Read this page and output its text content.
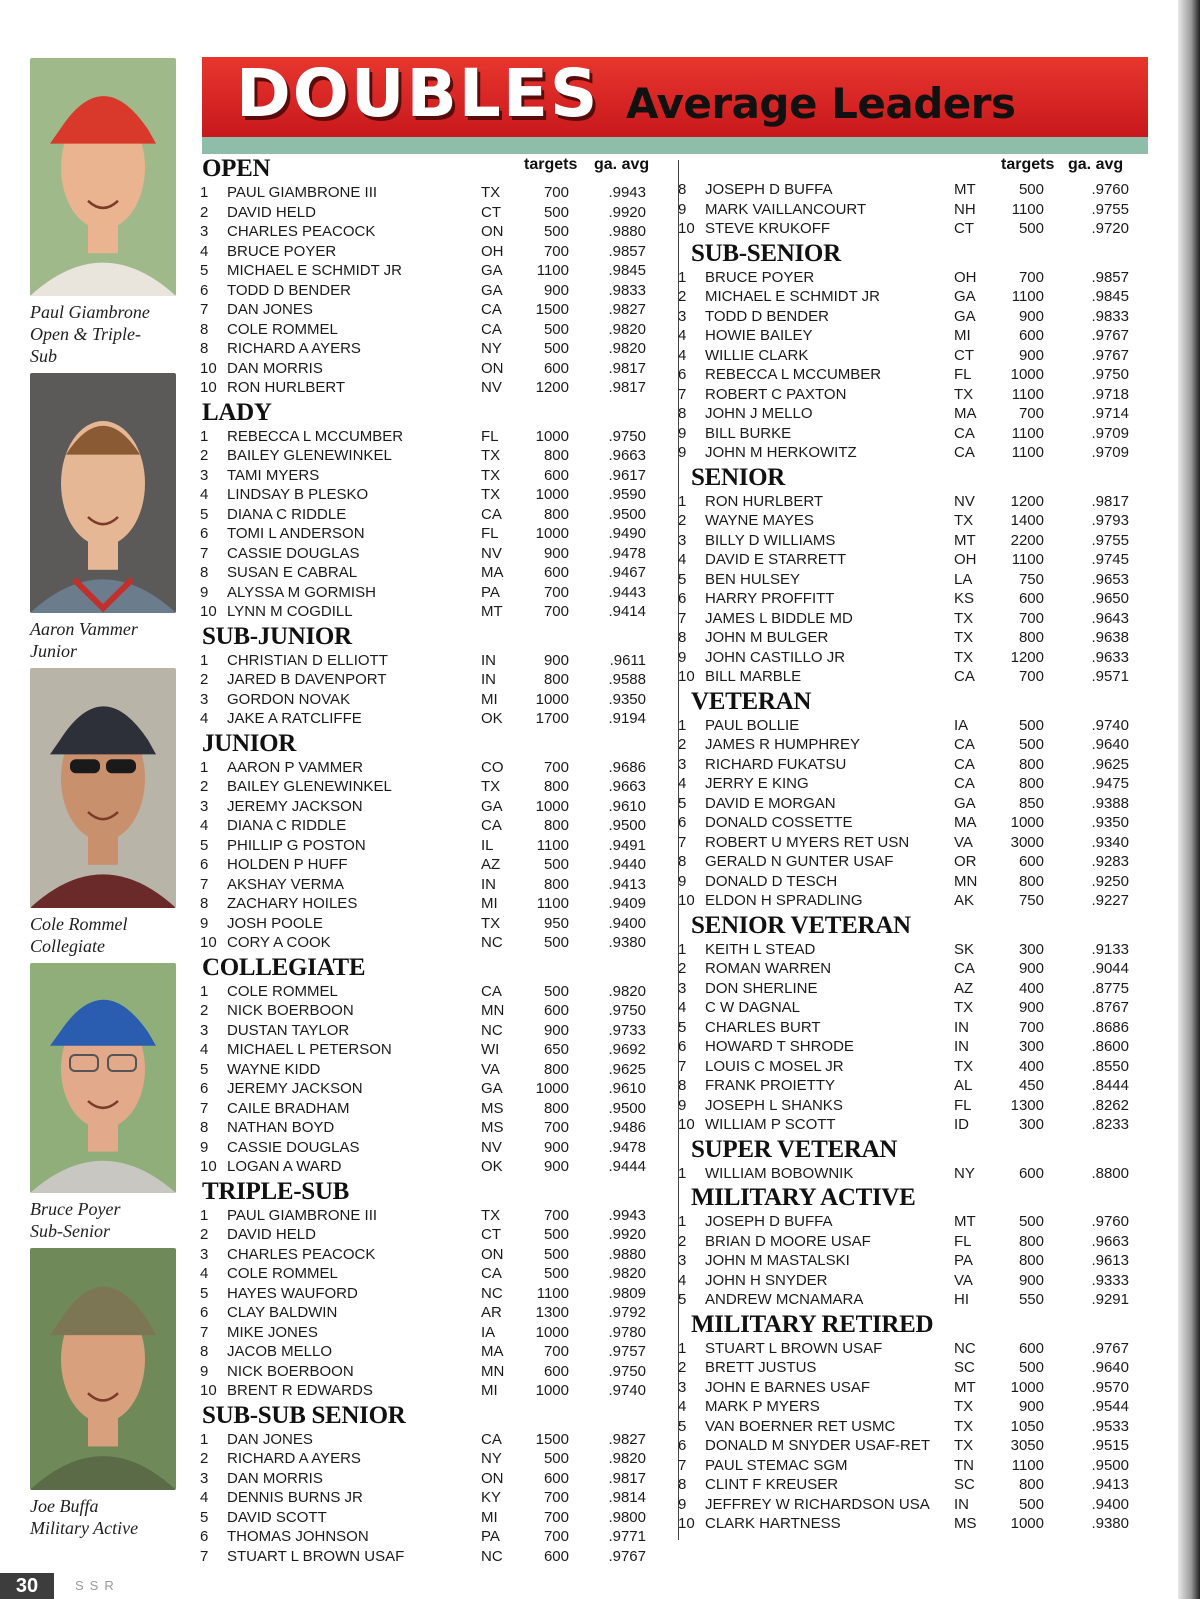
DOUBLES Average Leaders
Paul Giambrone
Open & Triple-
Sub
Aaron Vammer
Junior
Cole Rommel
Collegiate
Bruce Poyer
Sub-Senior
Joe Buffa
Military Active
targets ga. avg
OPEN
1 PAUL GIAMBRONE III	TX	700	.9943
2 DAVID HELD	CT	500	.9920
3 CHARLES PEACOCK	ON	500	.9880
4 BRUCE POYER	OH	700	.9857
5 MICHAEL E SCHMIDT JR	GA 1100	.9845
6 TODD D BENDER	GA	900	.9833
7 DAN JONES	CA 1500	.9827
8 COLE ROMMEL	CA	500	.9820
8 RICHARD A AYERS	NY	500	.9820
10 DAN MORRIS	ON	600	.9817
10 RON HURLBERT	NV 1200	.9817
LADY
1 REBECCA L MCCUMBER	FL 1000	.9750
2 BAILEY GLENEWINKEL	TX	800	.9663
3 TAMI MYERS	TX	600	.9617
4 LINDSAY B PLESKO	TX 1000	.9590
5 DIANA C RIDDLE	CA	800	.9500
6 TOMI L ANDERSON	FL 1000	.9490
7 CASSIE DOUGLAS	NV	900	.9478
8 SUSAN E CABRAL	MA	600	.9467
9 ALYSSA M GORMISH	PA	700	.9443
10 LYNN M COGDILL	MT	700	.9414
SUB-JUNIOR
1 CHRISTIAN D ELLIOTT	IN	900	.9611
2 JARED B DAVENPORT	IN	800	.9588
3 GORDON NOVAK	MI	1000	.9350
4 JAKE A RATCLIFFE	OK 1700	.9194
JUNIOR
1 AARON P VAMMER	CO	700	.9686
2 BAILEY GLENEWINKEL	TX	800	.9663
3 JEREMY JACKSON	GA 1000	.9610
4 DIANA C RIDDLE	CA	800	.9500
5 PHILLIP G POSTON	IL	1100	.9491
6 HOLDEN P HUFF	AZ	500	.9440
7 AKSHAY VERMA	IN	800	.9413
8 ZACHARY HOILES	MI	1100	.9409
9 JOSH POOLE	TX	950	.9400
10 CORY A COOK	NC	500	.9380
COLLEGIATE
1 COLE ROMMEL	CA	500	.9820
2 NICK BOERBOON	MN	600	.9750
3 DUSTAN TAYLOR	NC	900	.9733
4 MICHAEL L PETERSON	WI	650	.9692
5 WAYNE KIDD	VA	800	.9625
6 JEREMY JACKSON	GA 1000	.9610
7 CAILE BRADHAM	MS	800	.9500
8 NATHAN BOYD	MS	700	.9486
9 CASSIE DOUGLAS	NV	900	.9478
10 LOGAN A WARD	OK	900	.9444
TRIPLE-SUB
1 PAUL GIAMBRONE III	TX	700	.9943
2 DAVID HELD	CT	500	.9920
3 CHARLES PEACOCK	ON	500	.9880
4 COLE ROMMEL	CA	500	.9820
5 HAYES WAUFORD	NC 1100	.9809
6 CLAY BALDWIN	AR 1300	.9792
7 MIKE JONES	IA	1000	.9780
8 JACOB MELLO	MA	700	.9757
9 NICK BOERBOON	MN	600	.9750
10 BRENT R EDWARDS	MI	1000	.9740
SUB-SUB SENIOR
1 DAN JONES	CA 1500	.9827
2 RICHARD A AYERS	NY	500	.9820
3 DAN MORRIS	ON	600	.9817
4 DENNIS BURNS JR	KY	700	.9814
5 DAVID SCOTT	MI	700	.9800
6 THOMAS JOHNSON	PA	700	.9771
7 STUART L BROWN USAF	NC	600	.9767
targets ga. avg
8 JOSEPH D BUFFA	MT	500	.9760
9 MARK VAILLANCOURT	NH 1100	.9755
10 STEVE KRUKOFF	CT	500	.9720
SUB-SENIOR
1 BRUCE POYER	OH	700	.9857
2 MICHAEL E SCHMIDT JR	GA 1100	.9845
3 TODD D BENDER	GA	900	.9833
4 HOWIE BAILEY	MI	600	.9767
4 WILLIE CLARK	CT	900	.9767
6 REBECCA L MCCUMBER	FL	1000	.9750
7 ROBERT C PAXTON	TX	1100	.9718
8 JOHN J MELLO	MA	700	.9714
9 BILL BURKE	CA 1100	.9709
9 JOHN M HERKOWITZ	CA 1100	.9709
SENIOR
1 RON HURLBERT	NV 1200	.9817
2 WAYNE MAYES	TX 1400	.9793
3 BILLY D WILLIAMS	MT 2200	.9755
4 DAVID E STARRETT	OH 1100	.9745
5 BEN HULSEY	LA	750	.9653
6 HARRY PROFFITT	KS	600	.9650
7 JAMES L BIDDLE MD	TX	700	.9643
8 JOHN M BULGER	TX	800	.9638
9 JOHN CASTILLO JR	TX 1200	.9633
10 BILL MARBLE	CA	700	.9571
VETERAN
1 PAUL BOLLIE	IA	500	.9740
2 JAMES R HUMPHREY	CA	500	.9640
3 RICHARD FUKATSU	CA	800	.9625
4 JERRY E KING	CA	800	.9475
5 DAVID E MORGAN	GA	850	.9388
6 DONALD COSSETTE	MA 1000	.9350
7 ROBERT U MYERS RET USN	VA	3000	.9340
8 GERALD N GUNTER USAF	OR	600	.9283
9 DONALD D TESCH	MN	800	.9250
10 ELDON H SPRADLING	AK	750	.9227
SENIOR VETERAN
1 KEITH L STEAD	SK	300	.9133
2 ROMAN WARREN	CA	900	.9044
3 DON SHERLINE	AZ	400	.8775
4 C W DAGNAL	TX	900	.8767
5 CHARLES BURT	IN	700	.8686
6 HOWARD T SHRODE	IN	300	.8600
7 LOUIS C MOSEL JR	TX	400	.8550
8 FRANK PROIETTY	AL	450	.8444
9 JOSEPH L SHANKS	FL	1300	.8262
10 WILLIAM P SCOTT	ID	300	.8233
SUPER VETERAN
1 WILLIAM BOBOWNIK	NY	600	.8800
MILITARY ACTIVE
1 JOSEPH D BUFFA	MT	500	.9760
2 BRIAN D MOORE USAF	FL	800	.9663
3 JOHN M MASTALSKI	PA	800	.9613
4 JOHN H SNYDER	VA	900	.9333
5 ANDREW MCNAMARA	HI	550	.9291
MILITARY RETIRED
1 STUART L BROWN USAF	NC	600	.9767
2 BRETT JUSTUS	SC	500	.9640
3 JOHN E BARNES USAF	MT 1000	.9570
4 MARK P MYERS	TX	900	.9544
5 VAN BOERNER RET USMC	TX 1050	.9533
6 DONALD M SNYDER USAF-RET TX 3050	.9515
7 PAUL STEMAC SGM	TN	1100	.9500
8 CLINT F KREUSER	SC	800	.9413
9 JEFFREY W RICHARDSON USA IN	500	.9400
10 CLARK HARTNESS	MS 1000	.9380
30	SSR
